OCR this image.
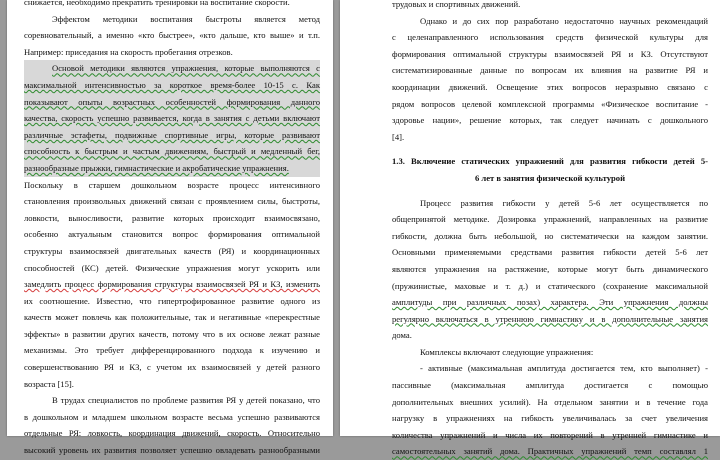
снижается, необходимо прекратить тренировки на воспитание скорости.
Эффектом методики воспитания быстроты является метод
соревновательный, а именно «кто быстрее», «кто дальше, кто выше» и т.п.
Например: приседания на скорость пробегания отрезков.
Основой методики являются упражнения, которые выполняются с
максимальной интенсивностью за короткое время-более 10-15 с. Как
показывают опыты возрастных особенностей формирования данного
качества, скорость успешно развивается, когда в занятия с детьми включают
различные эстафеты, подвижные спортивные игры, которые развивают
способность к быстрым и частым движениям, быстрый и медленный бег,
разнообразные прыжки, гимнастические и акробатические упражнения.
Поскольку в старшем дошкольном возрасте процесс интенсивного
становления произвольных движений связан с проявлением силы, быстроты,
ловкости, выносливости, развитие которых происходит взаимосвязано,
особенно актуальным становится вопрос формирования оптимальной
структуры взаимосвязей двигательных качеств (РЯ) и координационных
способностей (КС) детей. Физические упражнения могут ускорить или
замедлить процесс формирования структуры взаимосвязей РЯ и КЗ, изменить
их соотношение. Известно, что гипертрофированное развитие одного из
качеств может повлечь как положительные, так и негативные «перекрестные
эффекты» в развитии других качеств, потому что в их основе лежат разные
механизмы. Это требует дифференцированного подхода к изучению и
совершенствованию РЯ и КЗ, с учетом их взаимосвязей у детей разного
возраста [15].
В трудах специалистов по проблеме развития РЯ у детей показано, что
в дошкольном и младшем школьном возрасте весьма успешно развиваются
отдельные РЯ: ловкость, координация движений, скорость. Относительно
высокий уровень их развития позволяет успешно овладевать разнообразными
трудовых и спортивных движений.
Однако и до сих пор разработано недостаточно научных рекомендаций
с целенаправленного использования средств физической культуры для
формирования оптимальной структуры взаимосвязей РЯ и КЗ. Отсутствуют
систематизированные данные по вопросам их влияния на развитие РЯ и
координации движений. Освещение этих вопросов неразрывно связано с
рядом вопросов целевой комплексной программы «Физическое воспитание -
здоровье нации», решение которых, так следует начинать с дошкольного
[4].
1.3. Включение статических упражнений для развития гибкости детей 5-
6 лет в занятия физической культурой
Процесс развития гибкости у детей 5-6 лет осуществляется по
общепринятой методике. Дозировка упражнений, направленных на развитие
гибкости, должна быть небольшой, но систематически на каждом занятии.
Основными применяемыми средствами развития гибкости детей 5-6 лет
являются упражнения на растяжение, которые могут быть динамического
(пружинистые, маховые и т. д.) и статического (сохранение максимальной
амплитуды при различных позах) характера. Эти упражнения должны
регулярно включаться в утреннюю гимнастику и в дополнительные занятия
дома.
Комплексы включают следующие упражнения:
- активные (максимальная амплитуда достигается тем, кто выполняет) -
пассивные (максимальная амплитуда достигается с помощью
дополнительных внешних усилий). На отдельном занятии и в течение года
нагрузку в упражнениях на гибкость увеличивалась за счет увеличения
количества упражнений и числа их повторений в утренней гимнастике и
самостоятельных занятий дома. Практичных упражнений темп составлял 1
